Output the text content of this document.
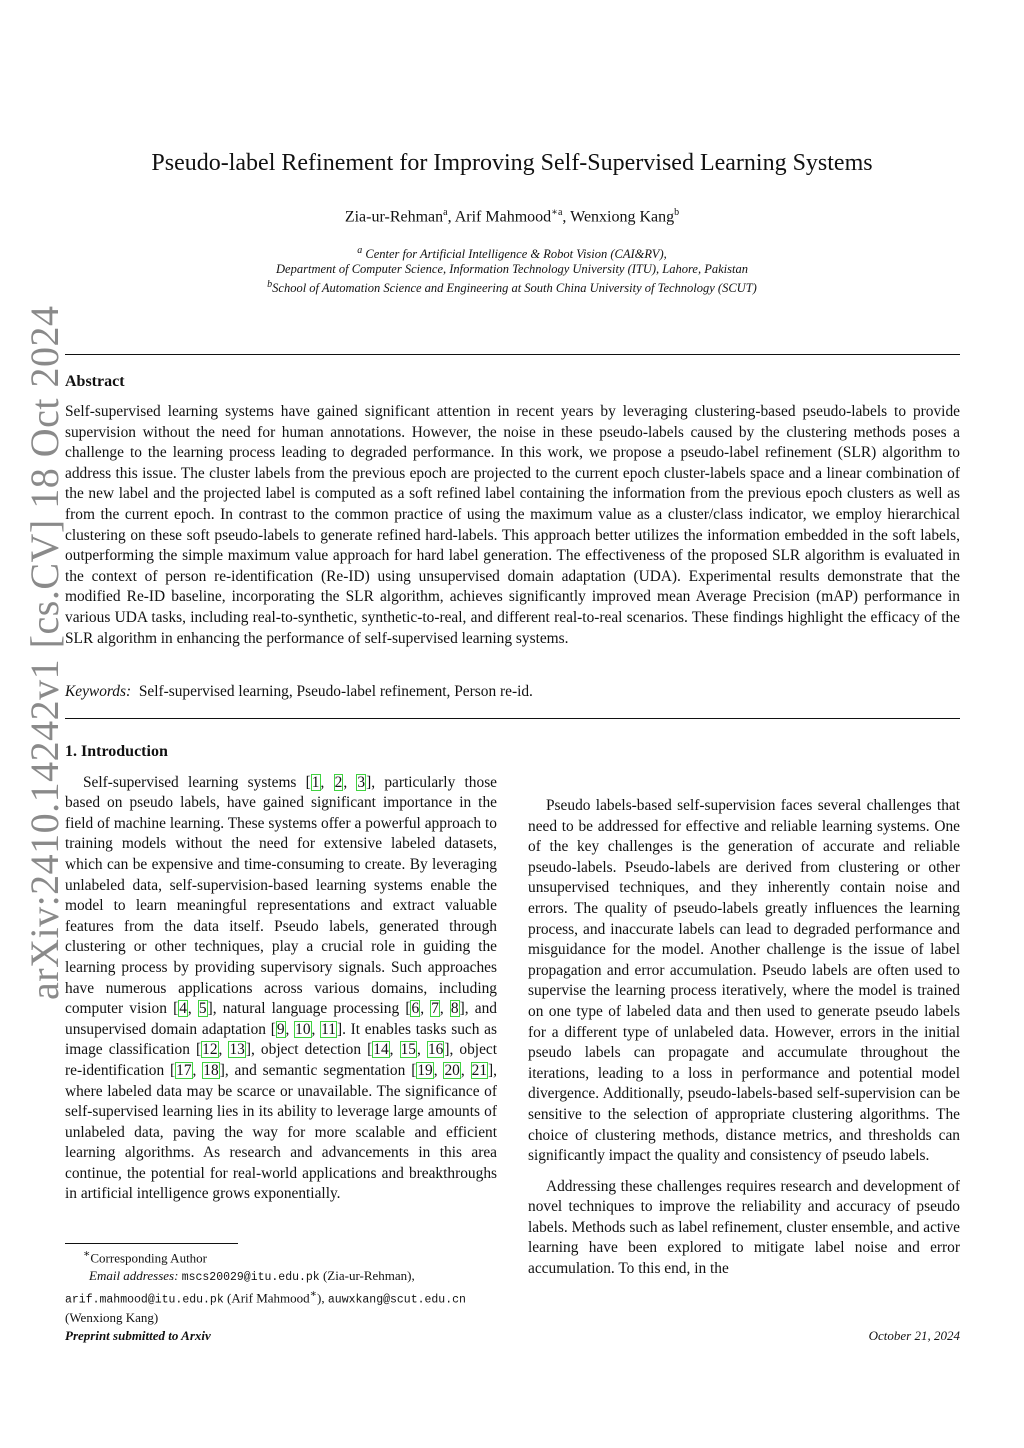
arXiv:2410.14242v1 [cs.CV] 18 Oct 2024
Pseudo-label Refinement for Improving Self-Supervised Learning Systems
Zia-ur-Rehman$^a$, Arif Mahmood$^{∗a}$, Wenxiong Kang$^b$
$^a$ Center for Artificial Intelligence & Robot Vision (CAI&RV),
Department of Computer Science, Information Technology University (ITU), Lahore, Pakistan
$^b$School of Automation Science and Engineering at South China University of Technology (SCUT)
Abstract

Self-supervised learning systems have gained significant attention in recent years by leveraging clustering-based pseudo-labels to provide supervision without the need for human annotations. However, the noise in these pseudo-labels caused by the clustering methods poses a challenge to the learning process leading to degraded performance. In this work, we propose a pseudo-label refinement (SLR) algorithm to address this issue. The cluster labels from the previous epoch are projected to the current epoch cluster-labels space and a linear combination of the new label and the projected label is computed as a soft refined label containing the information from the previous epoch clusters as well as from the current epoch. In contrast to the common practice of using the maximum value as a cluster/class indicator, we employ hierarchical clustering on these soft pseudo-labels to generate refined hard-labels. This approach better utilizes the information embedded in the soft labels, outperforming the simple maximum value approach for hard label generation. The effectiveness of the proposed SLR algorithm is evaluated in the context of person re-identification (Re-ID) using unsupervised domain adaptation (UDA). Experimental results demonstrate that the modified Re-ID baseline, incorporating the SLR algorithm, achieves significantly improved mean Average Precision (mAP) performance in various UDA tasks, including real-to-synthetic, synthetic-to-real, and different real-to-real scenarios. These findings highlight the efficacy of the SLR algorithm in enhancing the performance of self-supervised learning systems.

Keywords: Self-supervised learning, Pseudo-label refinement, Person re-id.
1. Introduction

Self-supervised learning systems [1, 2, 3], particularly those based on pseudo labels, have gained significant importance in the field of machine learning. These systems offer a powerful approach to training models without the need for extensive labeled datasets, which can be expensive and time-consuming to create. By leveraging unlabeled data, self-supervision-based learning systems enable the model to learn meaningful representations and extract valuable features from the data itself. Pseudo labels, generated through clustering or other techniques, play a crucial role in guiding the learning process by providing supervisory signals. Such approaches have numerous applications across various domains, including computer vision [4, 5], natural language processing [6, 7, 8], and unsupervised domain adaptation [9, 10, 11]. It enables tasks such as image classification [12, 13], object detection [14, 15, 16], object re-identification [17, 18], and semantic segmentation [19, 20, 21], where labeled data may be scarce or unavailable. The significance of self-supervised learning lies in its ability to leverage large amounts of unlabeled data, paving the way for more scalable and efficient learning algorithms. As research and advancements in this area continue, the potential for real-world applications and breakthroughs in artificial intelligence grows exponentially.

Pseudo labels-based self-supervision faces several challenges that need to be addressed for effective and reliable learning systems. One of the key challenges is the generation of accurate and reliable pseudo-labels. Pseudo-labels are derived from clustering or other unsupervised techniques, and they inherently contain noise and errors. The quality of pseudo-labels greatly influences the learning process, and inaccurate labels can lead to degraded performance and misguidance for the model. Another challenge is the issue of label propagation and error accumulation. Pseudo labels are often used to supervise the learning process iteratively, where the model is trained on one type of labeled data and then used to generate pseudo labels for a different type of unlabeled data. However, errors in the initial pseudo labels can propagate and accumulate throughout the iterations, leading to a loss in performance and potential model divergence. Additionally, pseudo-labels-based self-supervision can be sensitive to the selection of appropriate clustering algorithms. The choice of clustering methods, distance metrics, and thresholds can significantly impact the quality and consistency of pseudo labels.

Addressing these challenges requires research and development of novel techniques to improve the reliability and accuracy of pseudo labels. Methods such as label refinement, cluster ensemble, and active learning have been explored to mitigate label noise and error accumulation. To this end, in the

∗Corresponding Author
Email addresses: mscs20029@itu.edu.pk (Zia-ur-Rehman),
arif.mahmood@itu.edu.pk (Arif Mahmood∗), auwxkang@scut.edu.cn
(Wenxiong Kang)
Preprint submitted to Arxiv	October 21, 2024
